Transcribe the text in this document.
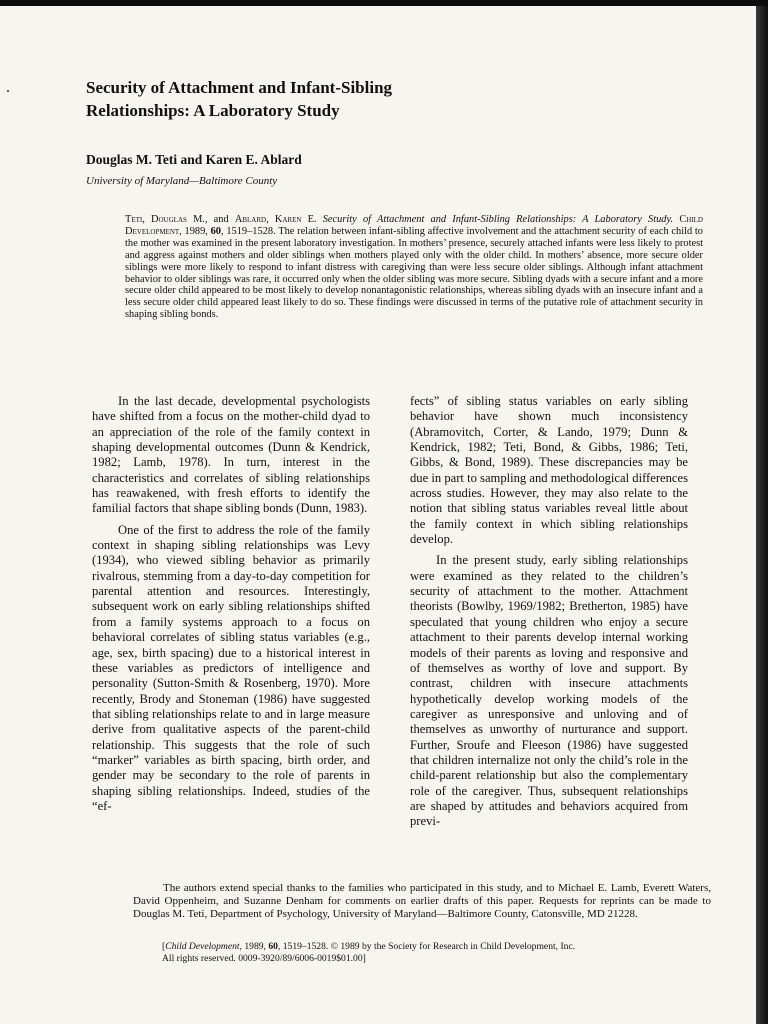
Security of Attachment and Infant-Sibling
Relationships: A Laboratory Study

Douglas M. Teti and Karen E. Ablard

University of Maryland—Baltimore County

Teti, Douglas M., and Ablard, Karen E. Security of Attachment and Infant-Sibling Relationships: A Laboratory Study. Child Development, 1989, 60, 1519–1528. The relation between infant-sibling affective involvement and the attachment security of each child to the mother was examined in the present laboratory investigation. In mothers’ presence, securely attached infants were less likely to protest and aggress against mothers and older siblings when mothers played only with the older child. In mothers’ absence, more secure older siblings were more likely to respond to infant distress with caregiving than were less secure older siblings. Although infant attachment behavior to older siblings was rare, it occurred only when the older sibling was more secure. Sibling dyads with a secure infant and a more secure older child appeared to be most likely to develop nonantagonistic relationships, whereas sibling dyads with an insecure infant and a less secure older child appeared least likely to do so. These findings were discussed in terms of the putative role of attachment security in shaping sibling bonds.

In the last decade, developmental psychologists have shifted from a focus on the mother-child dyad to an appreciation of the role of the family context in shaping developmental outcomes (Dunn & Kendrick, 1982; Lamb, 1978). In turn, interest in the characteristics and correlates of sibling relationships has reawakened, with fresh efforts to identify the familial factors that shape sibling bonds (Dunn, 1983).

One of the first to address the role of the family context in shaping sibling relationships was Levy (1934), who viewed sibling behavior as primarily rivalrous, stemming from a day-to-day competition for parental attention and resources. Interestingly, subsequent work on early sibling relationships shifted from a family systems approach to a focus on behavioral correlates of sibling status variables (e.g., age, sex, birth spacing) due to a historical interest in these variables as predictors of intelligence and personality (Sutton-Smith & Rosenberg, 1970). More recently, Brody and Stoneman (1986) have suggested that sibling relationships relate to and in large measure derive from qualitative aspects of the parent-child relationship. This suggests that the role of such “marker” variables as birth spacing, birth order, and gender may be secondary to the role of parents in shaping sibling relationships. Indeed, studies of the “ef-

fects” of sibling status variables on early sibling behavior have shown much inconsistency (Abramovitch, Corter, & Lando, 1979; Dunn & Kendrick, 1982; Teti, Bond, & Gibbs, 1986; Teti, Gibbs, & Bond, 1989). These discrepancies may be due in part to sampling and methodological differences across studies. However, they may also relate to the notion that sibling status variables reveal little about the family context in which sibling relationships develop.

In the present study, early sibling relationships were examined as they related to the children’s security of attachment to the mother. Attachment theorists (Bowlby, 1969/1982; Bretherton, 1985) have speculated that young children who enjoy a secure attachment to their parents develop internal working models of their parents as loving and responsive and of themselves as worthy of love and support. By contrast, children with insecure attachments hypothetically develop working models of the caregiver as unresponsive and unloving and of themselves as unworthy of nurturance and support. Further, Sroufe and Fleeson (1986) have suggested that children internalize not only the child’s role in the child-parent relationship but also the complementary role of the caregiver. Thus, subsequent relationships are shaped by attitudes and behaviors acquired from previ-

The authors extend special thanks to the families who participated in this study, and to Michael E. Lamb, Everett Waters, David Oppenheim, and Suzanne Denham for comments on earlier drafts of this paper. Requests for reprints can be made to Douglas M. Teti, Department of Psychology, University of Maryland—Baltimore County, Catonsville, MD 21228.

[Child Development, 1989, 60, 1519–1528. © 1989 by the Society for Research in Child Development, Inc.
All rights reserved. 0009-3920/89/6006-0019$01.00]
